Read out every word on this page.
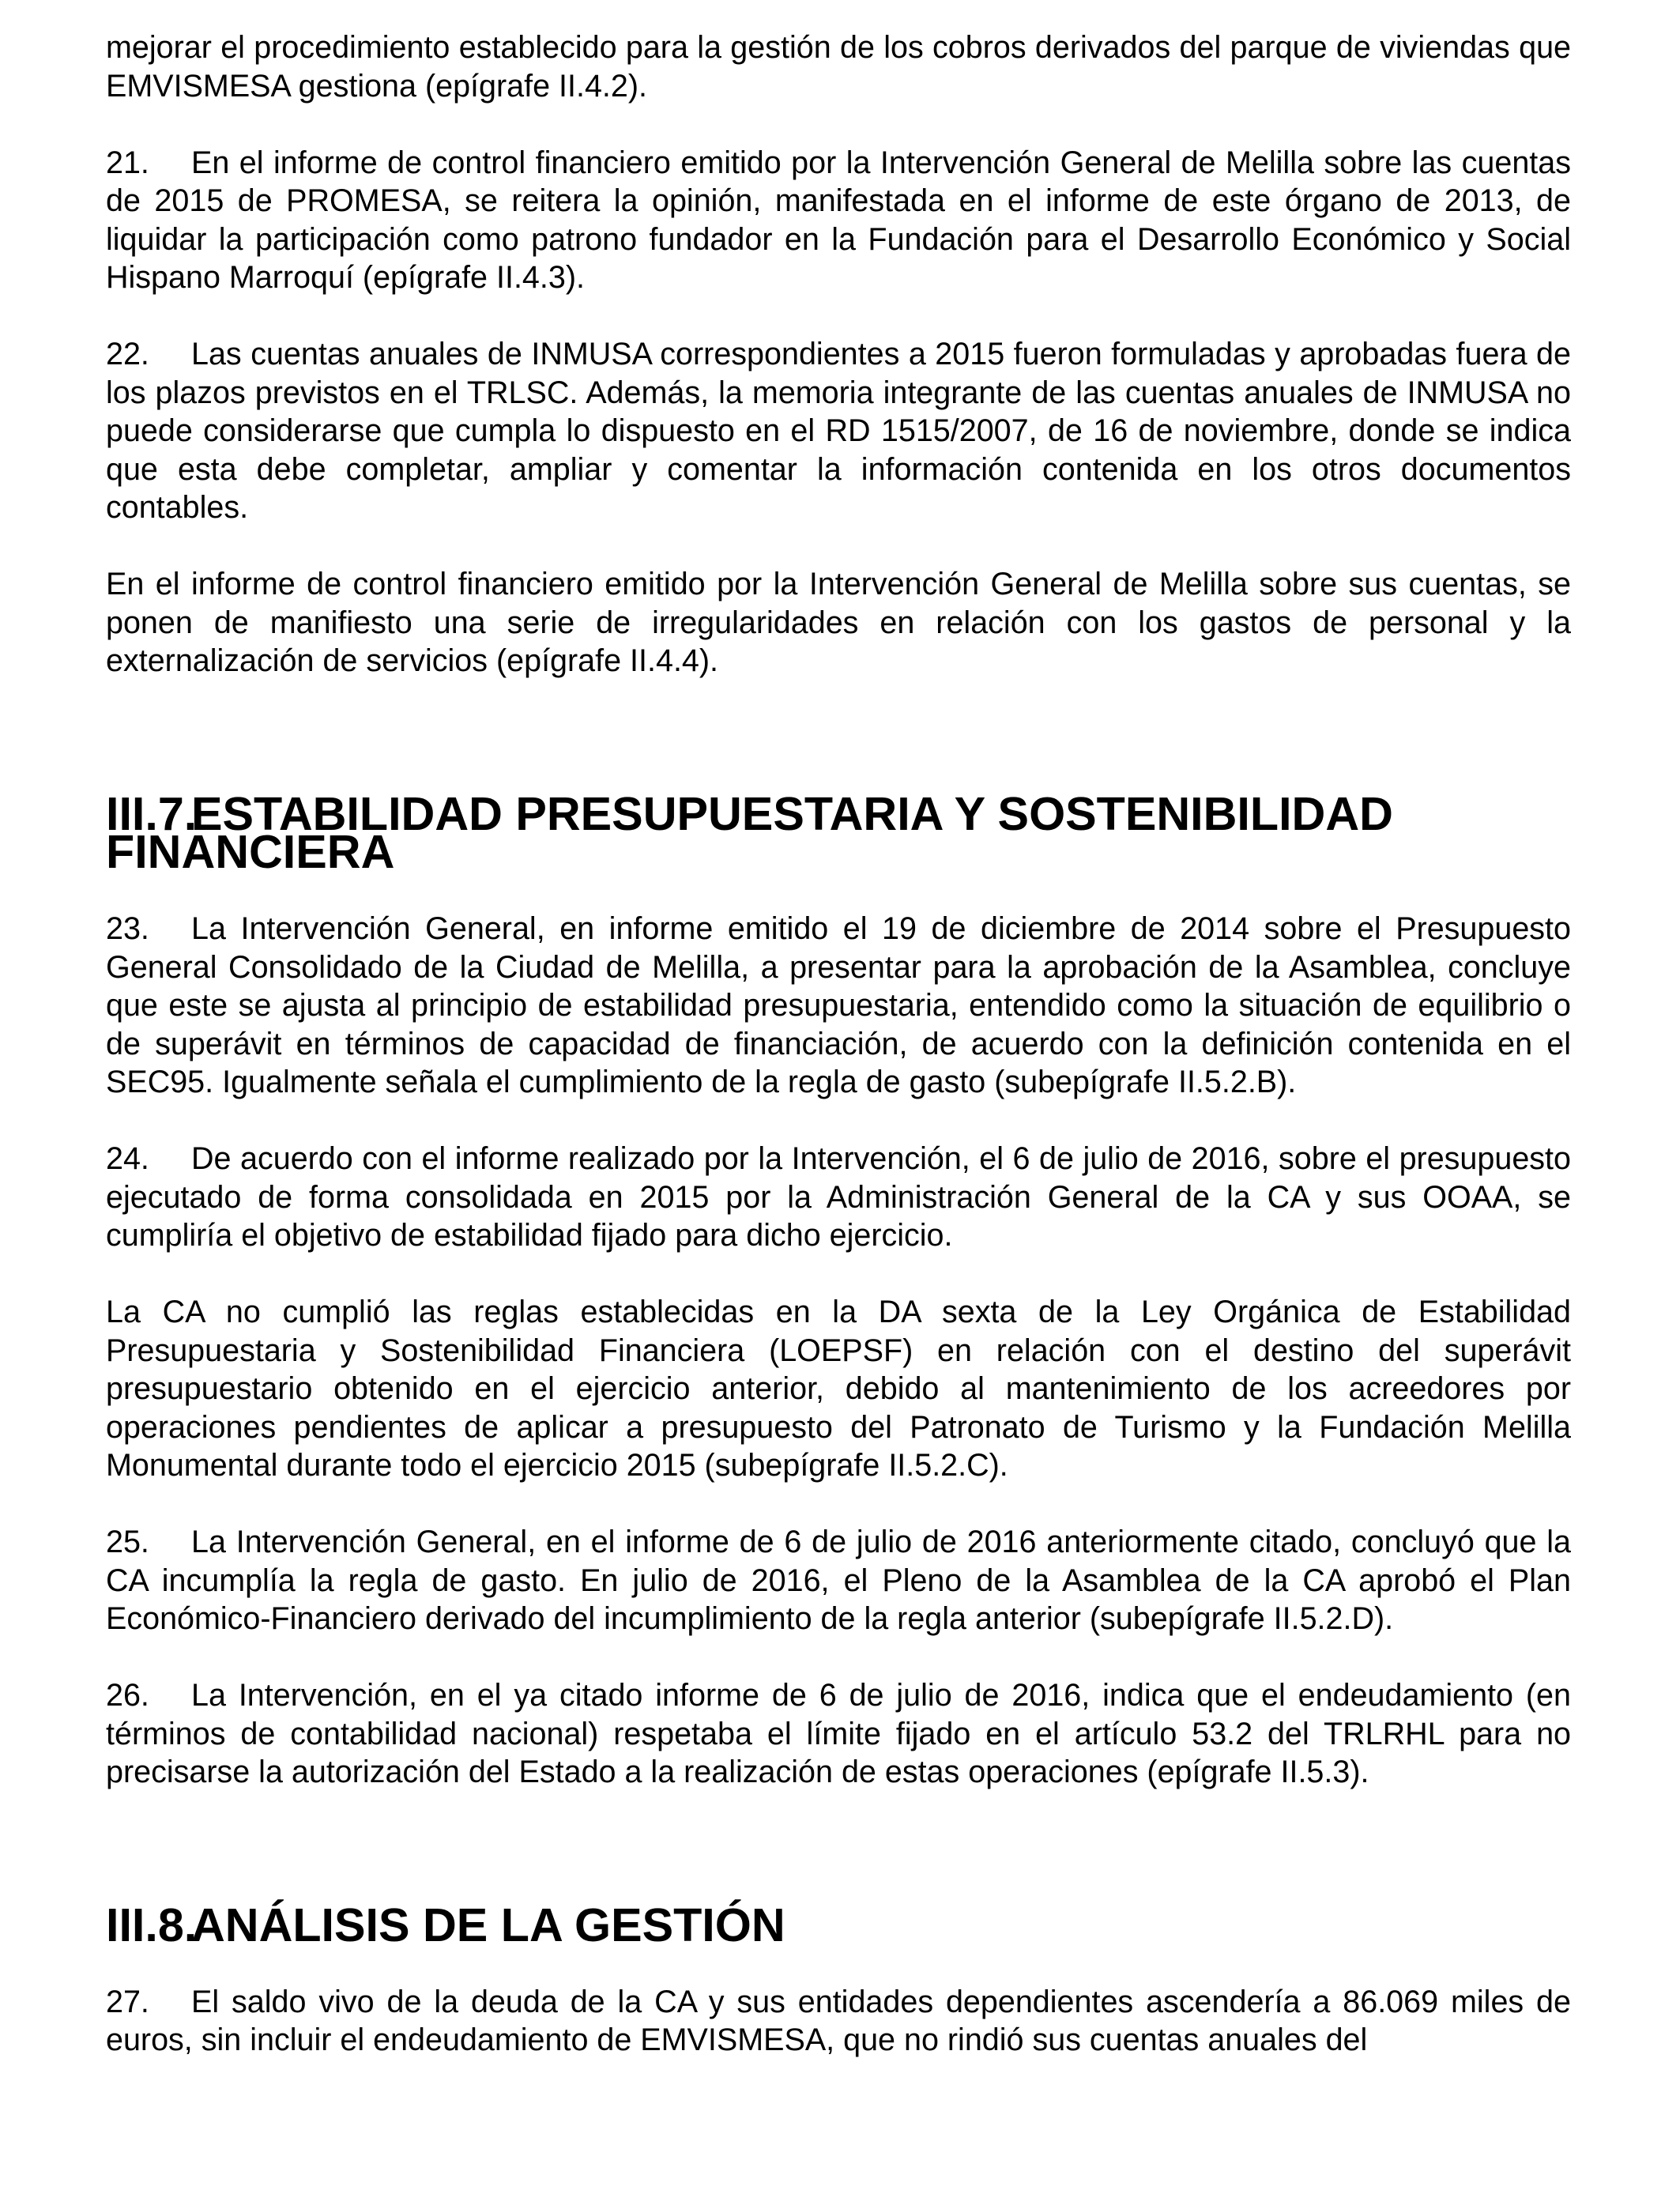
mejorar el procedimiento establecido para la gestión de los cobros derivados del parque de viviendas que EMVISMESA gestiona (epígrafe II.4.2).

21. En el informe de control financiero emitido por la Intervención General de Melilla sobre las cuentas de 2015 de PROMESA, se reitera la opinión, manifestada en el informe de este órgano de 2013, de liquidar la participación como patrono fundador en la Fundación para el Desarrollo Económico y Social Hispano Marroquí (epígrafe II.4.3).

22. Las cuentas anuales de INMUSA correspondientes a 2015 fueron formuladas y aprobadas fuera de los plazos previstos en el TRLSC. Además, la memoria integrante de las cuentas anuales de INMUSA no puede considerarse que cumpla lo dispuesto en el RD 1515/2007, de 16 de noviembre, donde se indica que esta debe completar, ampliar y comentar la información contenida en los otros documentos contables.

En el informe de control financiero emitido por la Intervención General de Melilla sobre sus cuentas, se ponen de manifiesto una serie de irregularidades en relación con los gastos de personal y la externalización de servicios (epígrafe II.4.4).

III.7.ESTABILIDAD PRESUPUESTARIA Y SOSTENIBILIDAD FINANCIERA

23. La Intervención General, en informe emitido el 19 de diciembre de 2014 sobre el Presupuesto General Consolidado de la Ciudad de Melilla, a presentar para la aprobación de la Asamblea, concluye que este se ajusta al principio de estabilidad presupuestaria, entendido como la situación de equilibrio o de superávit en términos de capacidad de financiación, de acuerdo con la definición contenida en el SEC95. Igualmente señala el cumplimiento de la regla de gasto (subepígrafe II.5.2.B).

24. De acuerdo con el informe realizado por la Intervención, el 6 de julio de 2016, sobre el presupuesto ejecutado de forma consolidada en 2015 por la Administración General de la CA y sus OOAA, se cumpliría el objetivo de estabilidad fijado para dicho ejercicio.

La CA no cumplió las reglas establecidas en la DA sexta de la Ley Orgánica de Estabilidad Presupuestaria y Sostenibilidad Financiera (LOEPSF) en relación con el destino del superávit presupuestario obtenido en el ejercicio anterior, debido al mantenimiento de los acreedores por operaciones pendientes de aplicar a presupuesto del Patronato de Turismo y la Fundación Melilla Monumental durante todo el ejercicio 2015 (subepígrafe II.5.2.C).

25. La Intervención General, en el informe de 6 de julio de 2016 anteriormente citado, concluyó que la CA incumplía la regla de gasto. En julio de 2016, el Pleno de la Asamblea de la CA aprobó el Plan Económico-Financiero derivado del incumplimiento de la regla anterior (subepígrafe II.5.2.D).

26. La Intervención, en el ya citado informe de 6 de julio de 2016, indica que el endeudamiento (en términos de contabilidad nacional) respetaba el límite fijado en el artículo 53.2 del TRLRHL para no precisarse la autorización del Estado a la realización de estas operaciones (epígrafe II.5.3).

III.8.ANÁLISIS DE LA GESTIÓN

27. El saldo vivo de la deuda de la CA y sus entidades dependientes ascendería a 86.069 miles de euros, sin incluir el endeudamiento de EMVISMESA, que no rindió sus cuentas anuales del
